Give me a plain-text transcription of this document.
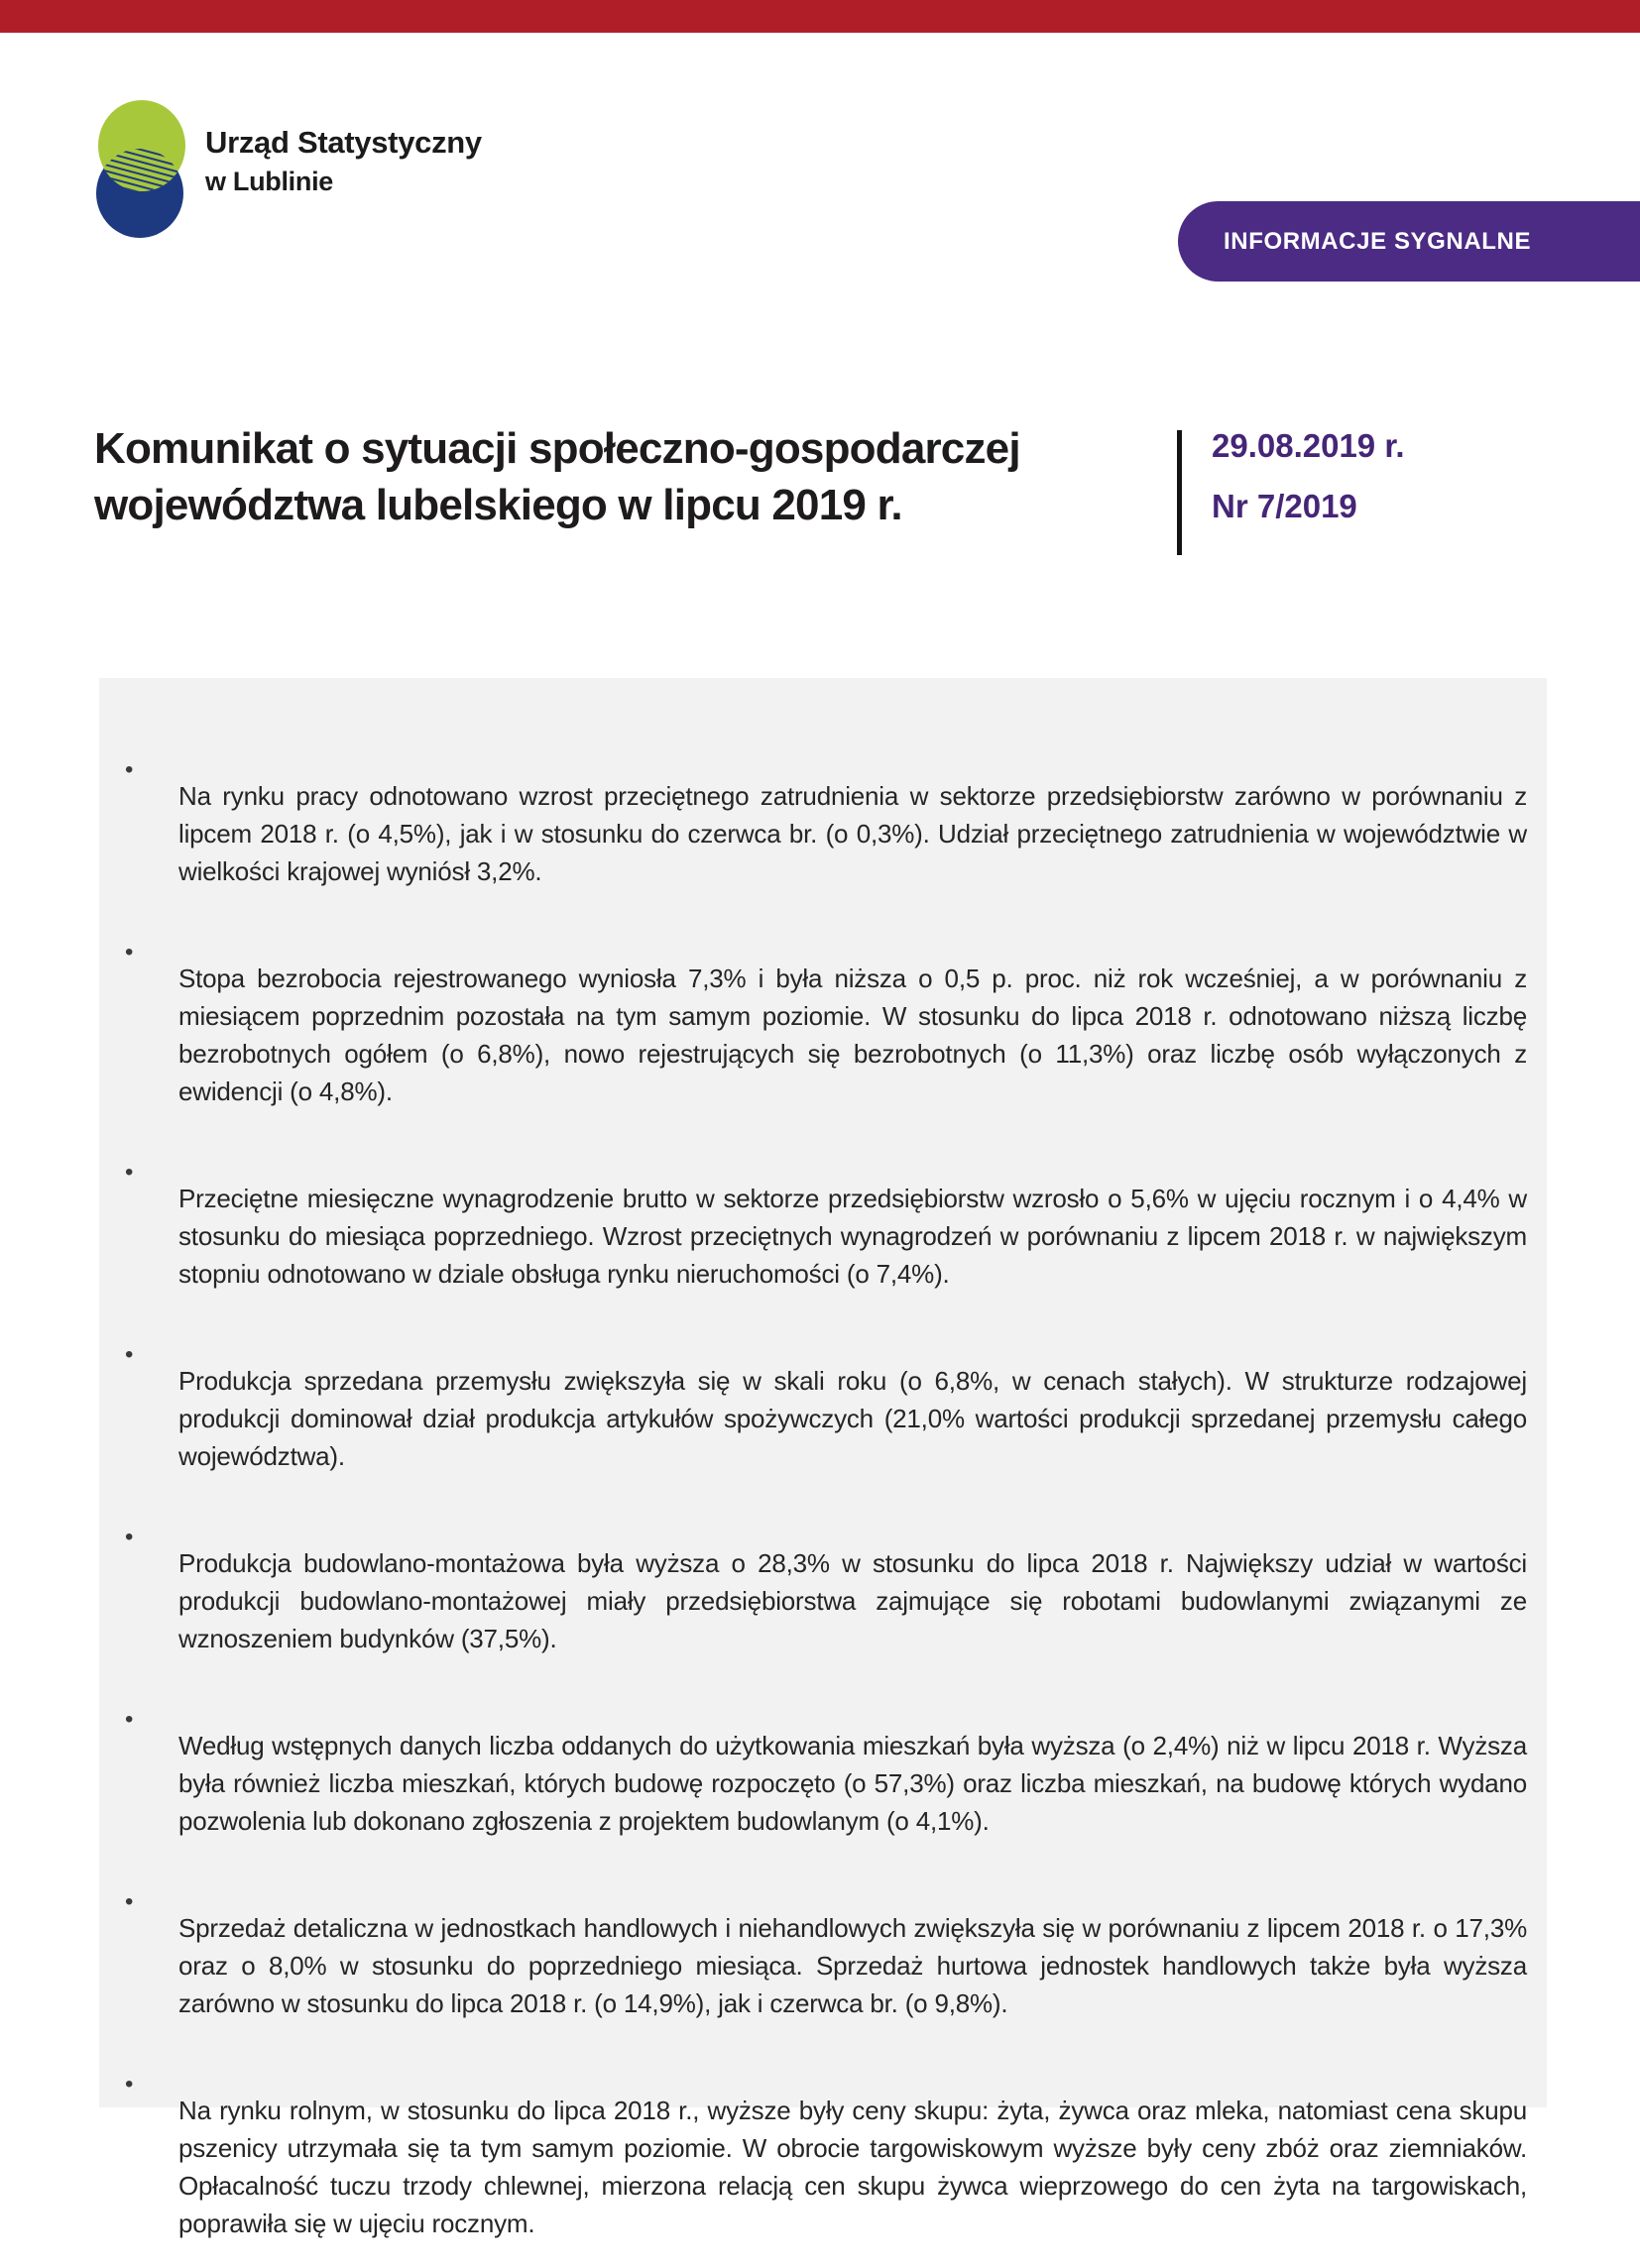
Urząd Statystyczny
w Lublinie
INFORMACJE SYGNALNE
Komunikat o sytuacji społeczno-gospodarczej
województwa lubelskiego w lipcu 2019 r.
29.08.2019 r.
Nr 7/2019
•

Na rynku pracy odnotowano wzrost przeciętnego zatrudnienia w sektorze przedsiębiorstw zarówno w porównaniu z lipcem 2018 r. (o 4,5%), jak i w stosunku do czerwca br. (o 0,3%). Udział przeciętnego zatrudnienia w województwie w wielkości krajowej wyniósł 3,2%.

•

Stopa bezrobocia rejestrowanego wyniosła 7,3% i była niższa o 0,5 p. proc. niż rok wcześniej, a w porównaniu z miesiącem poprzednim pozostała na tym samym poziomie. W stosunku do lipca 2018 r. odnotowano niższą liczbę bezrobotnych ogółem (o 6,8%), nowo rejestrujących się bezrobotnych (o 11,3%) oraz liczbę osób wyłączonych z ewidencji (o 4,8%).

•

Przeciętne miesięczne wynagrodzenie brutto w sektorze przedsiębiorstw wzrosło o 5,6% w ujęciu rocznym i o 4,4% w stosunku do miesiąca poprzedniego. Wzrost przeciętnych wynagrodzeń w porównaniu z lipcem 2018 r. w największym stopniu odnotowano w dziale obsługa rynku nieruchomości (o 7,4%).

•

Produkcja sprzedana przemysłu zwiększyła się w skali roku (o 6,8%, w cenach stałych). W strukturze rodzajowej produkcji dominował dział produkcja artykułów spożywczych (21,0% wartości produkcji sprzedanej przemysłu całego województwa).

•

Produkcja budowlano-montażowa była wyższa o 28,3% w stosunku do lipca 2018 r. Największy udział w wartości produkcji budowlano-montażowej miały przedsiębiorstwa zajmujące się robotami budowlanymi związanymi ze wznoszeniem budynków (37,5%).

•

Według wstępnych danych liczba oddanych do użytkowania mieszkań była wyższa (o 2,4%) niż w lipcu 2018 r. Wyższa była również liczba mieszkań, których budowę rozpoczęto (o 57,3%) oraz liczba mieszkań, na budowę których wydano pozwolenia lub dokonano zgłoszenia z projektem budowlanym (o 4,1%).

•

Sprzedaż detaliczna w jednostkach handlowych i niehandlowych zwiększyła się w porównaniu z lipcem 2018 r. o 17,3% oraz o 8,0% w stosunku do poprzedniego miesiąca. Sprzedaż hurtowa jednostek handlowych także była wyższa zarówno w stosunku do lipca 2018 r. (o 14,9%), jak i czerwca br. (o 9,8%).

•

Na rynku rolnym, w stosunku do lipca 2018 r., wyższe były ceny skupu: żyta, żywca oraz mleka, natomiast cena skupu pszenicy utrzymała się ta tym samym poziomie. W obrocie targowiskowym wyższe były ceny zbóż oraz ziemniaków. Opłacalność tuczu trzody chlewnej, mierzona relacją cen skupu żywca wieprzowego do cen żyta na targowiskach, poprawiła się w ujęciu rocznym.
